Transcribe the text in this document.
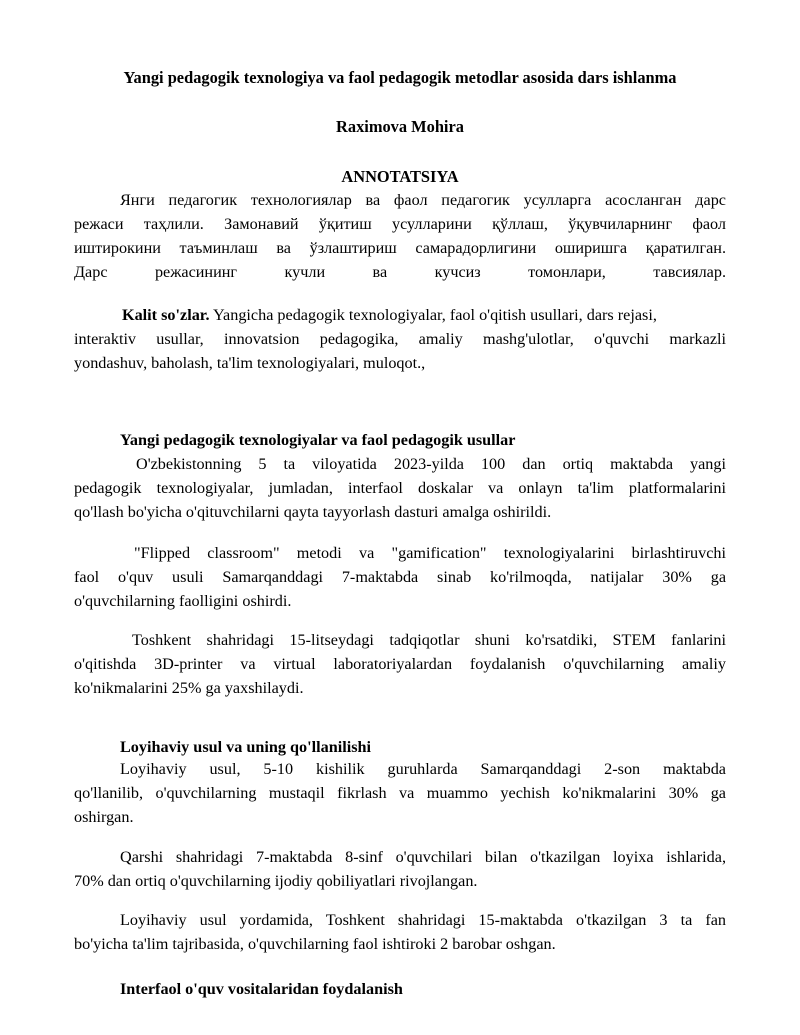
Yangi pedagogik texnologiya va faol pedagogik metodlar asosida dars ishlanma
Raximova Mohira
ANNOTATSIYA
Янги педагогик технологиялар ва фаол педагогик усулларга асосланган дарс
режаси таҳлили. Замонавий ўқитиш усулларини қўллаш, ўқувчиларнинг фаол
иштирокини таъминлаш ва ўзлаштириш самарадорлигини оширишга қаратилган.
Дарс режасининг кучли ва кучсиз томонлари, тавсиялар.
Kalit so'zlar. Yangicha pedagogik texnologiyalar, faol o'qitish usullari, dars rejasi,
interaktiv usullar, innovatsion pedagogika, amaliy mashg'ulotlar, o'quvchi markazli
yondashuv, baholash, ta'lim texnologiyalari, muloqot.,
Yangi pedagogik texnologiyalar va faol pedagogik usullar
O'zbekistonning 5 ta viloyatida 2023-yilda 100 dan ortiq maktabda yangi
pedagogik texnologiyalar, jumladan, interfaol doskalar va onlayn ta'lim platformalarini
qo'llash bo'yicha o'qituvchilarni qayta tayyorlash dasturi amalga oshirildi.
"Flipped classroom" metodi va "gamification" texnologiyalarini birlashtiruvchi
faol o'quv usuli Samarqanddagi 7-maktabda sinab ko'rilmoqda, natijalar 30% ga
o'quvchilarning faolligini oshirdi.
Toshkent shahridagi 15-litseydagi tadqiqotlar shuni ko'rsatdiki, STEM fanlarini
o'qitishda 3D-printer va virtual laboratoriyalardan foydalanish o'quvchilarning amaliy
ko'nikmalarini 25% ga yaxshilaydi.
Loyihaviy usul va uning qo'llanilishi
Loyihaviy usul, 5-10 kishilik guruhlarda Samarqanddagi 2-son maktabda
qo'llanilib, o'quvchilarning mustaqil fikrlash va muammo yechish ko'nikmalarini 30% ga
oshirgan.
Qarshi shahridagi 7-maktabda 8-sinf o'quvchilari bilan o'tkazilgan loyixa ishlarida,
70% dan ortiq o'quvchilarning ijodiy qobiliyatlari rivojlangan.
Loyihaviy usul yordamida, Toshkent shahridagi 15-maktabda o'tkazilgan 3 ta fan
bo'yicha ta'lim tajribasida, o'quvchilarning faol ishtiroki 2 barobar oshgan.
Interfaol o'quv vositalaridan foydalanish
